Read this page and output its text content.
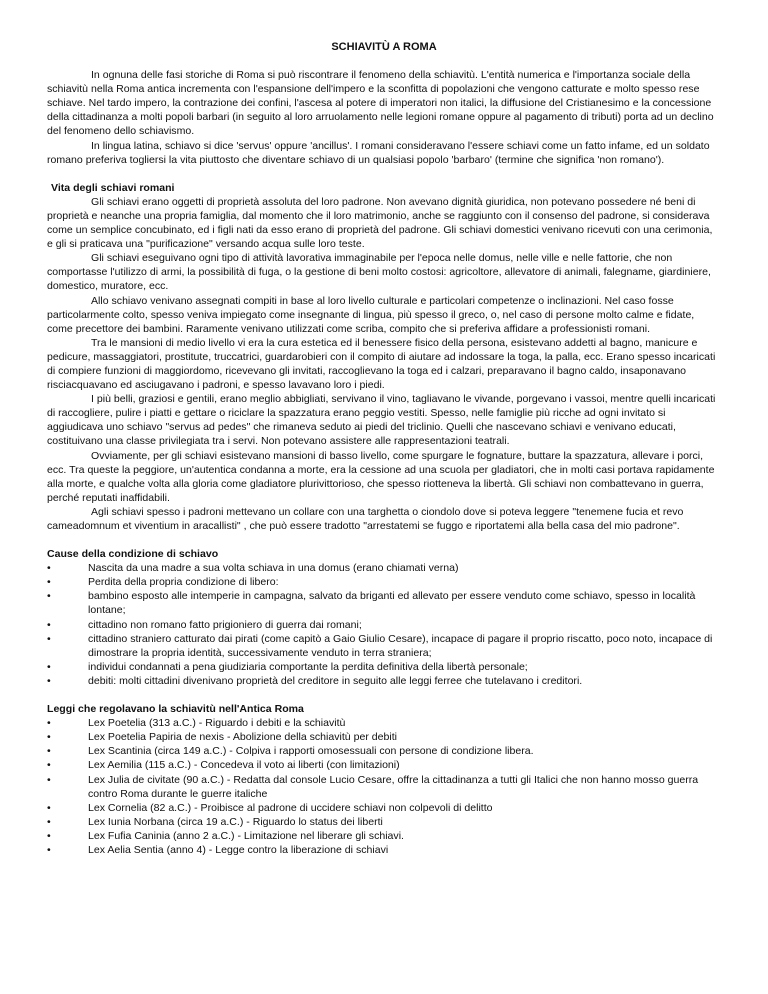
SCHIAVITÙ A ROMA

In ognuna delle fasi storiche di Roma si può riscontrare il fenomeno della schiavitù. L'entità numerica e l'importanza sociale della schiavitù nella Roma antica incrementa con l'espansione dell'impero e la sconfitta di popolazioni che vengono catturate e molto spesso rese schiave. Nel tardo impero, la contrazione dei confini, l'ascesa al potere di imperatori non italici, la diffusione del Cristianesimo e la concessione della cittadinanza a molti popoli barbari (in seguito al loro arruolamento nelle legioni romane oppure al pagamento di tributi) porta ad un declino del fenomeno dello schiavismo.

In lingua latina, schiavo si dice 'servus' oppure 'ancillus'. I romani consideravano l'essere schiavi come un fatto infame, ed un soldato romano preferiva togliersi la vita piuttosto che diventare schiavo di un qualsiasi popolo 'barbaro' (termine che significa 'non romano').

Vita degli schiavi romani

Gli schiavi erano oggetti di proprietà assoluta del loro padrone. Non avevano dignità giuridica, non potevano possedere né beni di proprietà e neanche una propria famiglia, dal momento che il loro matrimonio, anche se raggiunto con il consenso del padrone, si considerava come un semplice concubinato, ed i figli nati da esso erano di proprietà del padrone. Gli schiavi domestici venivano ricevuti con una cerimonia, e gli si praticava una "purificazione" versando acqua sulle loro teste.

Gli schiavi eseguivano ogni tipo di attività lavorativa immaginabile per l'epoca nelle domus, nelle ville e nelle fattorie, che non comportasse l'utilizzo di armi, la possibilità di fuga, o la gestione di beni molto costosi: agricoltore, allevatore di animali, falegname, giardiniere, domestico, muratore, ecc.

Allo schiavo venivano assegnati compiti in base al loro livello culturale e particolari competenze o inclinazioni. Nel caso fosse particolarmente colto, spesso veniva impiegato come insegnante di lingua, più spesso il greco, o, nel caso di persone molto calme e fidate, come precettore dei bambini. Raramente venivano utilizzati come scriba, compito che si preferiva affidare a professionisti romani.

Tra le mansioni di medio livello vi era la cura estetica ed il benessere fisico della persona, esistevano addetti al bagno, manicure e pedicure, massaggiatori, prostitute, truccatrici, guardarobieri con il compito di aiutare ad indossare la toga, la palla, ecc. Erano spesso incaricati di compiere funzioni di maggiordomo, ricevevano gli invitati, raccoglievano la toga ed i calzari, preparavano il bagno caldo, insaponavano risciacquavano ed asciugavano i padroni, e spesso lavavano loro i piedi.

I più belli, graziosi e gentili, erano meglio abbigliati, servivano il vino, tagliavano le vivande, porgevano i vassoi, mentre quelli incaricati di raccogliere, pulire i piatti e gettare o riciclare la spazzatura erano peggio vestiti. Spesso, nelle famiglie più ricche ad ogni invitato si aggiudicava uno schiavo "servus ad pedes" che rimaneva seduto ai piedi del triclinio. Quelli che nascevano schiavi e venivano educati, costituivano una classe privilegiata tra i servi. Non potevano assistere alle rappresentazioni teatrali.

Ovviamente, per gli schiavi esistevano mansioni di basso livello, come spurgare le fognature, buttare la spazzatura, allevare i porci, ecc. Tra queste la peggiore, un'autentica condanna a morte, era la cessione ad una scuola per gladiatori, che in molti casi portava rapidamente alla morte, e qualche volta alla gloria come gladiatore plurivittorioso, che spesso riotteneva la libertà. Gli schiavi non combattevano in guerra, perché reputati inaffidabili.

Agli schiavi spesso i padroni mettevano un collare con una targhetta o ciondolo dove si poteva leggere "tenemene fucia et revo cameadomnum et viventium in aracallisti" , che può essere tradotto "arrestatemi se fuggo e riportatemi alla bella casa del mio padrone".

Cause della condizione di schiavo

•	Nascita da una madre a sua volta schiava in una domus (erano chiamati verna)
•	Perdita della propria condizione di libero:
•	bambino esposto alle intemperie in campagna, salvato da briganti ed allevato per essere venduto come schiavo, spesso in località lontane;
•	cittadino non romano fatto prigioniero di guerra dai romani;
•	cittadino straniero catturato dai pirati (come capitò a Gaio Giulio Cesare), incapace di pagare il proprio riscatto, poco noto, incapace di dimostrare la propria identità, successivamente venduto in terra straniera;
•	individui condannati a pena giudiziaria comportante la perdita definitiva della libertà personale;
•	debiti: molti cittadini divenivano proprietà del creditore in seguito alle leggi ferree che tutelavano i creditori.

Leggi che regolavano la schiavitù nell'Antica Roma

•	Lex Poetelia (313 a.C.) - Riguardo i debiti e la schiavitù
•	Lex Poetelia Papiria de nexis - Abolizione della schiavitù per debiti
•	Lex Scantinia (circa 149 a.C.) - Colpiva i rapporti omosessuali con persone di condizione libera.
•	Lex Aemilia (115 a.C.) - Concedeva il voto ai liberti (con limitazioni)
•	Lex Julia de civitate (90 a.C.) - Redatta dal console Lucio Cesare, offre la cittadinanza a tutti gli Italici che non hanno mosso guerra contro Roma durante le guerre italiche
•	Lex Cornelia (82 a.C.) - Proibisce al padrone di uccidere schiavi non colpevoli di delitto
•	Lex Iunia Norbana (circa 19 a.C.) - Riguardo lo status dei liberti
•	Lex Fufia Caninia (anno 2 a.C.) - Limitazione nel liberare gli schiavi.
•	Lex Aelia Sentia (anno 4) - Legge contro la liberazione di schiavi
